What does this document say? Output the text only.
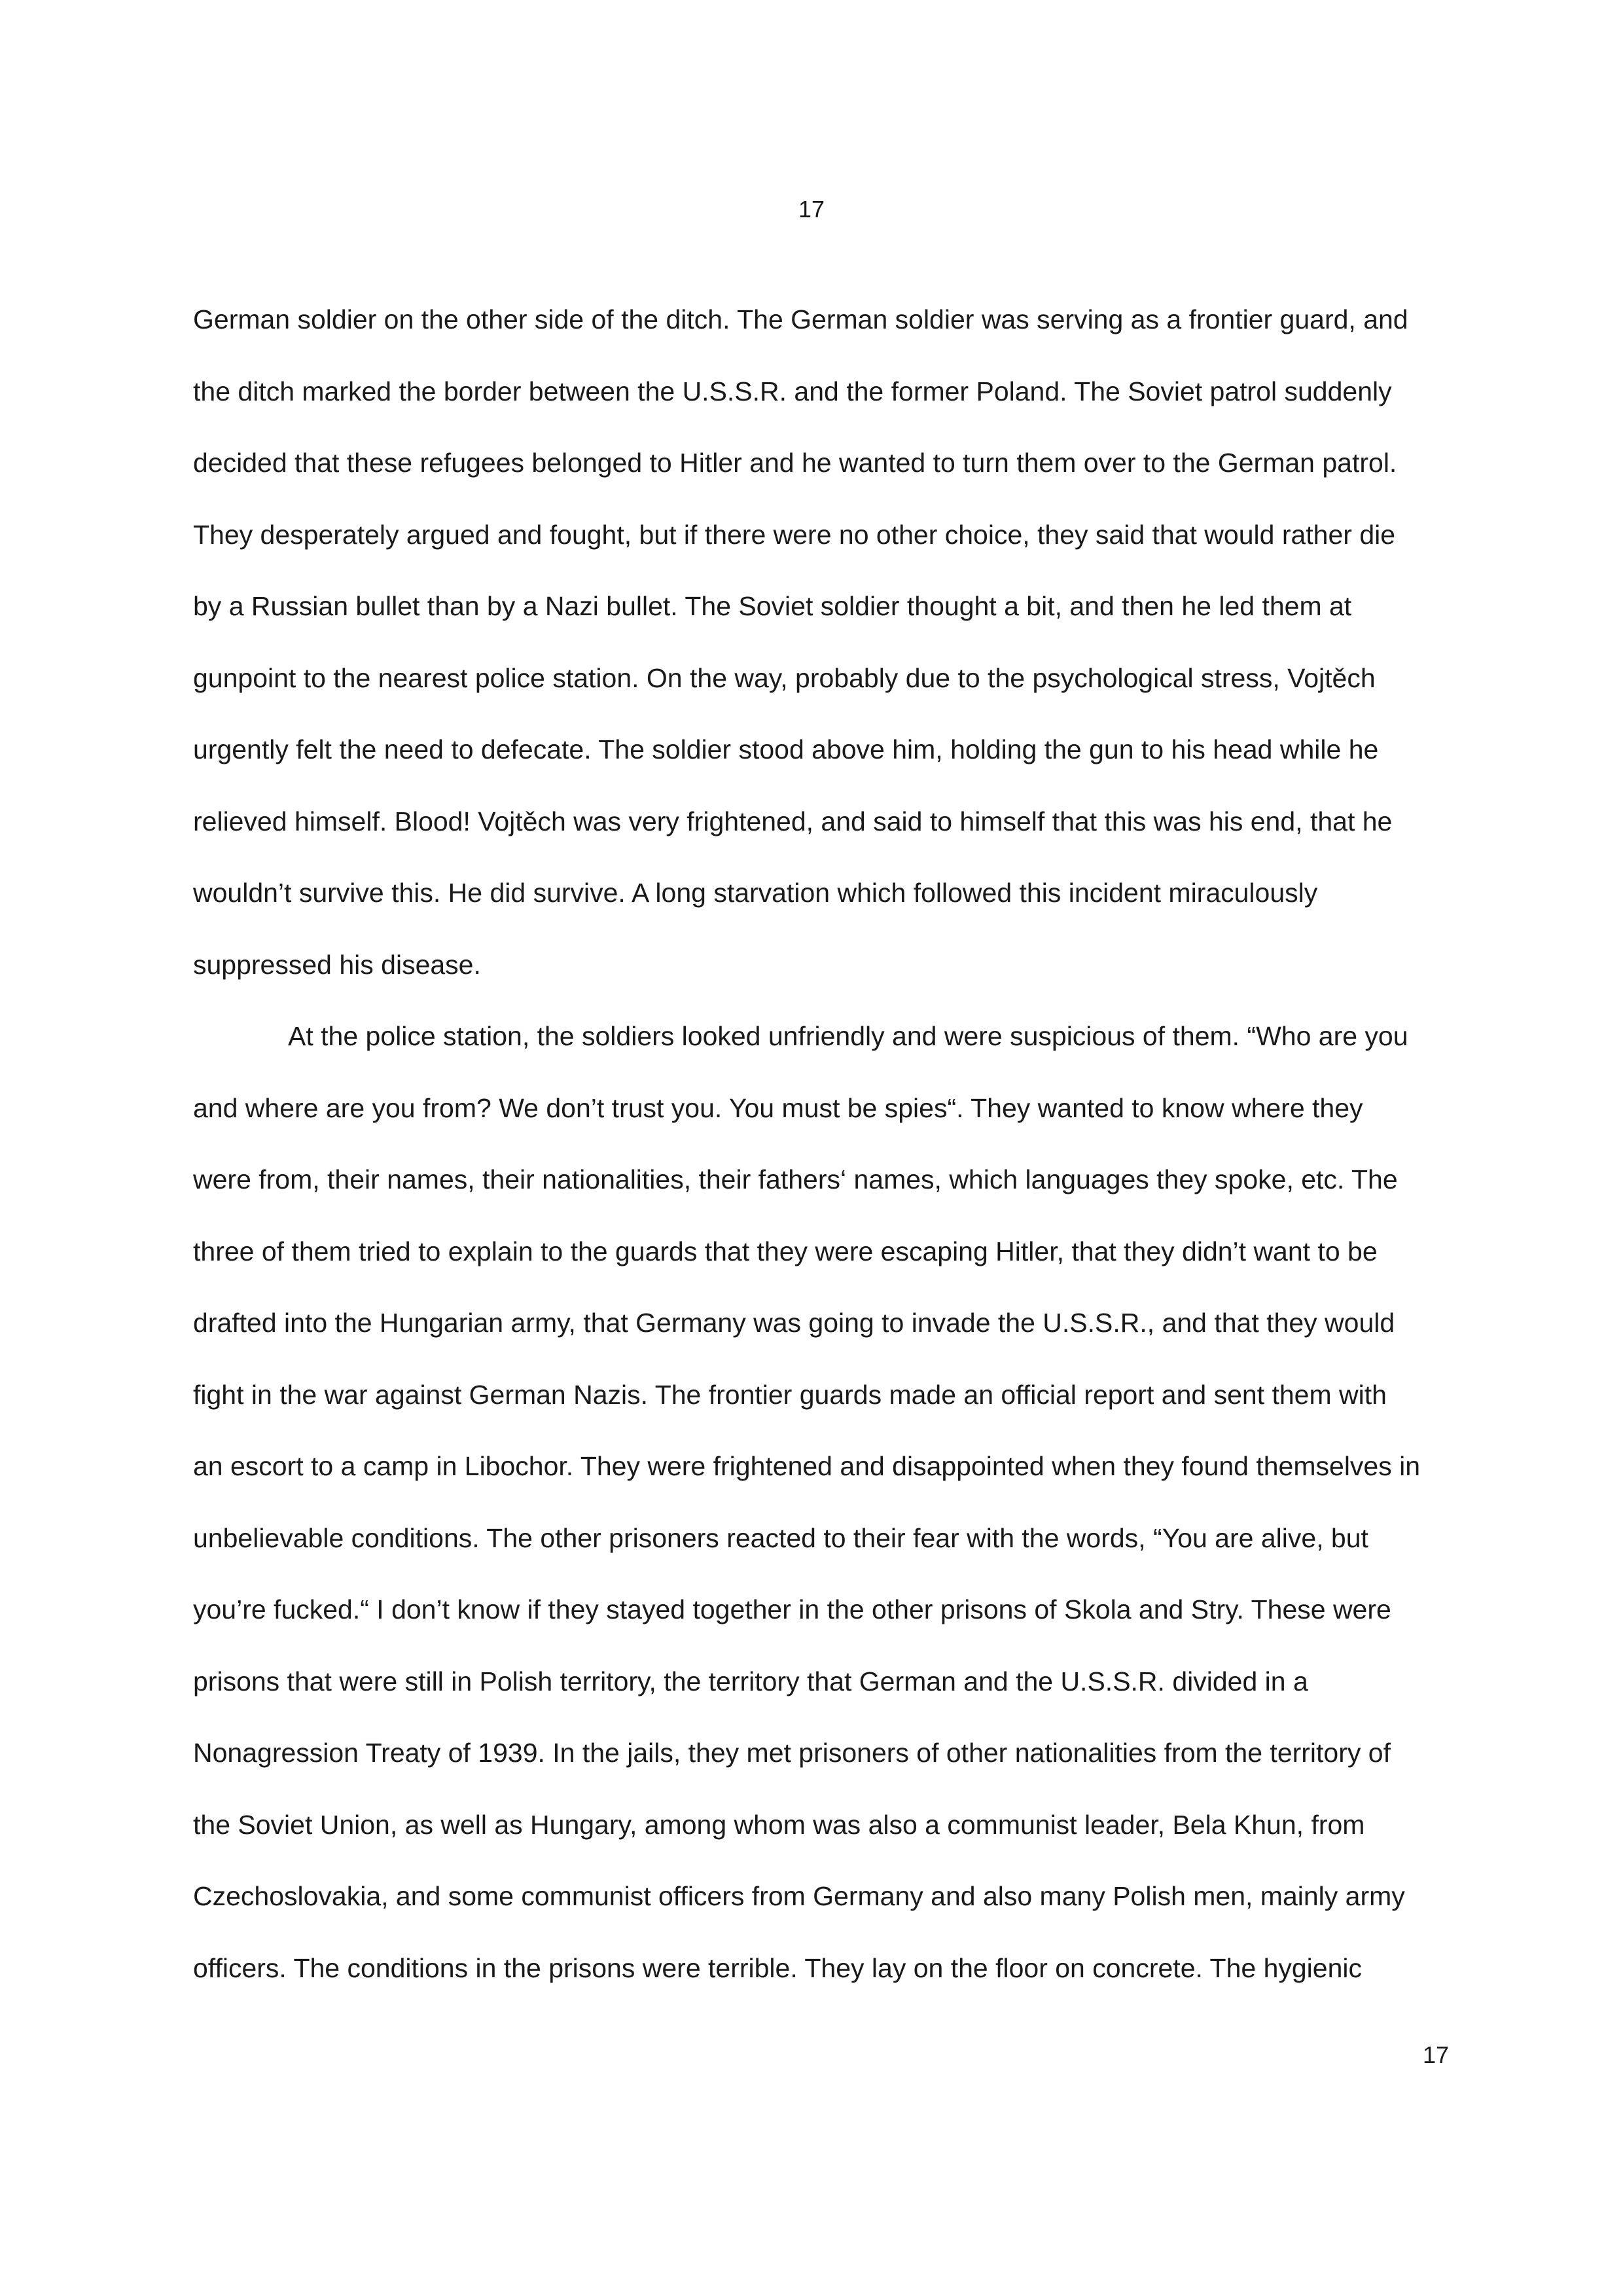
17
German soldier on the other side of the ditch. The German soldier was serving as a frontier guard, and
the ditch marked the border between the U.S.S.R. and the former Poland. The Soviet patrol suddenly
decided that these refugees belonged to Hitler and he wanted to turn them over to the German patrol.
They desperately argued and fought, but if there were no other choice, they said that would rather die
by a Russian bullet than by a Nazi bullet. The Soviet soldier thought a bit, and then he led them at
gunpoint to the nearest police station. On the way, probably due to the psychological stress, Vojtěch
urgently felt the need to defecate. The soldier stood above him, holding the gun to his head while he
relieved himself. Blood! Vojtěch was very frightened, and said to himself that this was his end, that he
wouldn’t survive this. He did survive. A long starvation which followed this incident miraculously
suppressed his disease.
At the police station, the soldiers looked unfriendly and were suspicious of them. “Who are you
and where are you from? We don’t trust you. You must be spies“. They wanted to know where they
were from, their names, their nationalities, their fathers‘ names, which languages they spoke, etc. The
three of them tried to explain to the guards that they were escaping Hitler, that they didn’t want to be
drafted into the Hungarian army, that Germany was going to invade the U.S.S.R., and that they would
fight in the war against German Nazis. The frontier guards made an official report and sent them with
an escort to a camp in Libochor. They were frightened and disappointed when they found themselves in
unbelievable conditions. The other prisoners reacted to their fear with the words, “You are alive, but
you’re fucked.“ I don’t know if they stayed together in the other prisons of Skola and Stry. These were
prisons that were still in Polish territory, the territory that German and the U.S.S.R. divided in a
Nonagression Treaty of 1939. In the jails, they met prisoners of other nationalities from the territory of
the Soviet Union, as well as Hungary, among whom was also a communist leader, Bela Khun, from
Czechoslovakia, and some communist officers from Germany and also many Polish men, mainly army
officers. The conditions in the prisons were terrible. They lay on the floor on concrete. The hygienic
17
